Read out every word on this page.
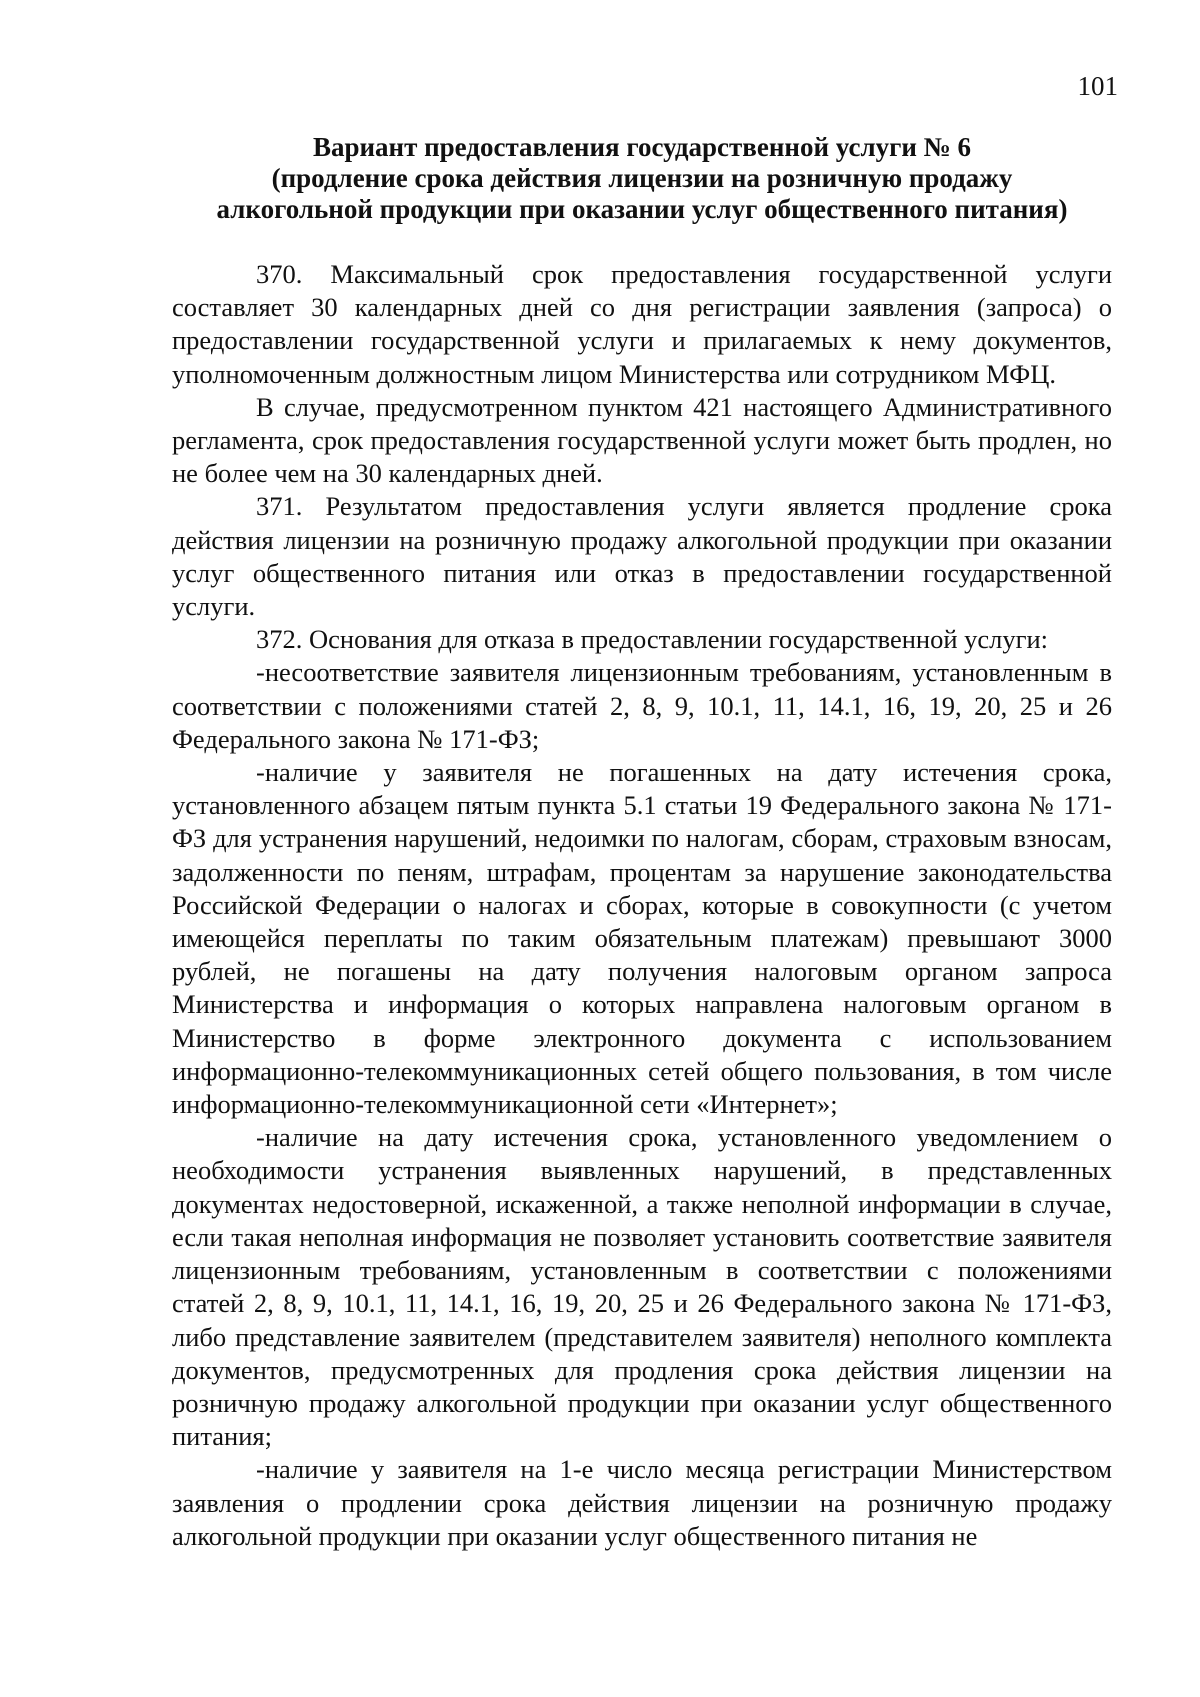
101
Вариант предоставления государственной услуги № 6
(продление срока действия лицензии на розничную продажу
алкогольной продукции при оказании услуг общественного питания)

370. Максимальный срок предоставления государственной услуги составляет 30 календарных дней со дня регистрации заявления (запроса) о предоставлении государственной услуги и прилагаемых к нему документов, уполномоченным должностным лицом Министерства или сотрудником МФЦ.

В случае, предусмотренном пунктом 421 настоящего Административного регламента, срок предоставления государственной услуги может быть продлен, но не более чем на 30 календарных дней.

371. Результатом предоставления услуги является продление срока действия лицензии на розничную продажу алкогольной продукции при оказании услуг общественного питания или отказ в предоставлении государственной услуги.

372. Основания для отказа в предоставлении государственной услуги:

-несоответствие заявителя лицензионным требованиям, установленным в соответствии с положениями статей 2, 8, 9, 10.1, 11, 14.1, 16, 19, 20, 25 и 26 Федерального закона № 171-ФЗ;

-наличие у заявителя не погашенных на дату истечения срока, установленного абзацем пятым пункта 5.1 статьи 19 Федерального закона № 171-ФЗ для устранения нарушений, недоимки по налогам, сборам, страховым взносам, задолженности по пеням, штрафам, процентам за нарушение законодательства Российской Федерации о налогах и сборах, которые в совокупности (с учетом имеющейся переплаты по таким обязательным платежам) превышают 3000 рублей, не погашены на дату получения налоговым органом запроса Министерства и информация о которых направлена налоговым органом в Министерство в форме электронного документа с использованием информационно-телекоммуникационных сетей общего пользования, в том числе информационно-телекоммуникационной сети «Интернет»;

-наличие на дату истечения срока, установленного уведомлением о необходимости устранения выявленных нарушений, в представленных документах недостоверной, искаженной, а также неполной информации в случае, если такая неполная информация не позволяет установить соответствие заявителя лицензионным требованиям, установленным в соответствии с положениями статей 2, 8, 9, 10.1, 11, 14.1, 16, 19, 20, 25 и 26 Федерального закона № 171-ФЗ, либо представление заявителем (представителем заявителя) неполного комплекта документов, предусмотренных для продления срока действия лицензии на розничную продажу алкогольной продукции при оказании услуг общественного питания;

-наличие у заявителя на 1-е число месяца регистрации Министерством заявления о продлении срока действия лицензии на розничную продажу алкогольной продукции при оказании услуг общественного питания не
